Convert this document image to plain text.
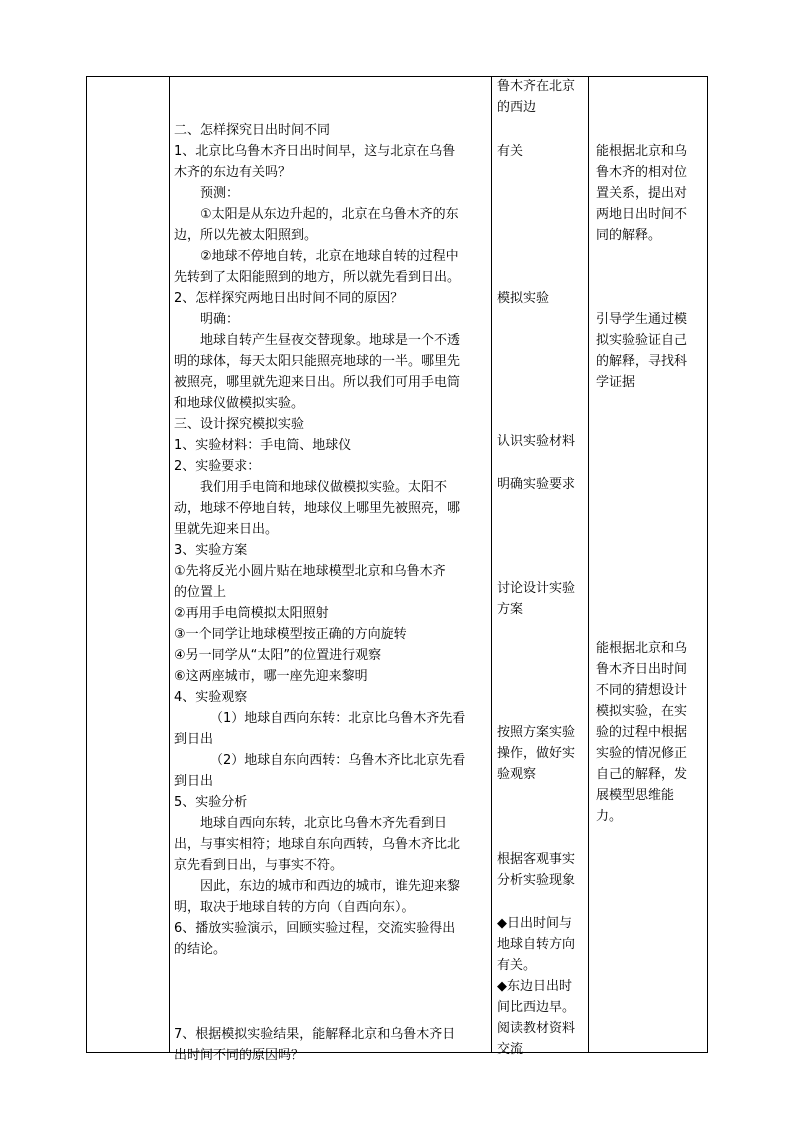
二、怎样探究日出时间不同
1、北京比乌鲁木齐日出时间早，这与北京在乌鲁
木齐的东边有关吗？
预测：
①太阳是从东边升起的，北京在乌鲁木齐的东
边，所以先被太阳照到。
②地球不停地自转，北京在地球自转的过程中
先转到了太阳能照到的地方，所以就先看到日出。
2、怎样探究两地日出时间不同的原因？
明确：
地球自转产生昼夜交替现象。地球是一个不透
明的球体，每天太阳只能照亮地球的一半。哪里先
被照亮，哪里就先迎来日出。所以我们可用手电筒
和地球仪做模拟实验。
三、设计探究模拟实验
1、实验材料：手电筒、地球仪
2、实验要求：
我们用手电筒和地球仪做模拟实验。太阳不
动，地球不停地自转，地球仪上哪里先被照亮，哪
里就先迎来日出。
3、实验方案
①先将反光小圆片贴在地球模型北京和乌鲁木齐
的位置上
②再用手电筒模拟太阳照射
③一个同学让地球模型按正确的方向旋转
④另一同学从“太阳”的位置进行观察
⑥这两座城市，哪一座先迎来黎明
4、实验观察
（1）地球自西向东转：北京比乌鲁木齐先看
到日出
（2）地球自东向西转：乌鲁木齐比北京先看
到日出
5、实验分析
地球自西向东转，北京比乌鲁木齐先看到日
出，与事实相符；地球自东向西转，乌鲁木齐比北
京先看到日出，与事实不符。
因此，东边的城市和西边的城市，谁先迎来黎
明，取决于地球自转的方向（自西向东）。
6、播放实验演示，回顾实验过程，交流实验得出
的结论。
7、根据模拟实验结果，能解释北京和乌鲁木齐日
出时间不同的原因吗？
鲁木齐在北京
的西边
有关
模拟实验
认识实验材料
明确实验要求
讨论设计实验
方案
按照方案实验
操作，做好实
验观察
根据客观事实
分析实验现象
◆日出时间与
地球自转方向
有关。
◆东边日出时
间比西边早。
阅读教材资料
交流
能根据北京和乌
鲁木齐的相对位
置关系，提出对
两地日出时间不
同的解释。
引导学生通过模
拟实验验证自己
的解释，寻找科
学证据
能根据北京和乌
鲁木齐日出时间
不同的猜想设计
模拟实验，在实
验的过程中根据
实验的情况修正
自己的解释，发
展模型思维能
力。
